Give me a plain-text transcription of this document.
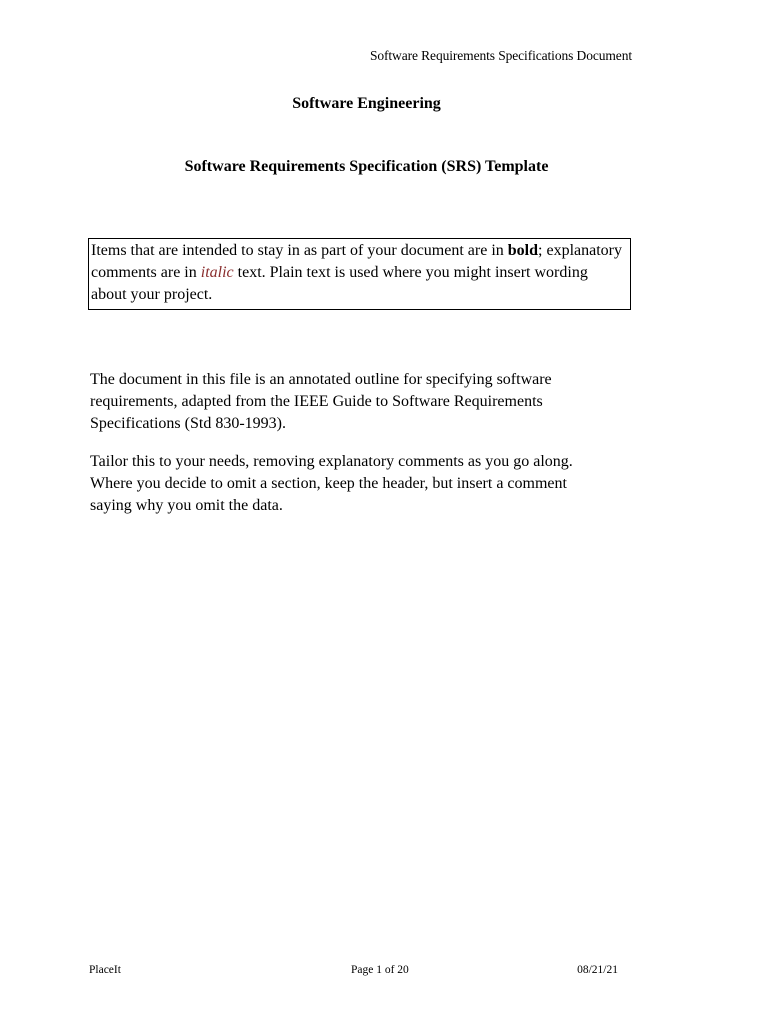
Software Requirements Specifications Document
Software Engineering
Software Requirements Specification (SRS) Template
Items that are intended to stay in as part of your document are in bold; explanatory comments are in italic text. Plain text is used where you might insert wording about your project.
The document in this file is an annotated outline for specifying software
requirements, adapted from the IEEE Guide to Software Requirements
Specifications (Std 830-1993).
Tailor this to your needs, removing explanatory comments as you go along.
Where you decide to omit a section, keep the header, but insert a comment
saying why you omit the data.
PlaceIt	Page 1 of 20	08/21/21
